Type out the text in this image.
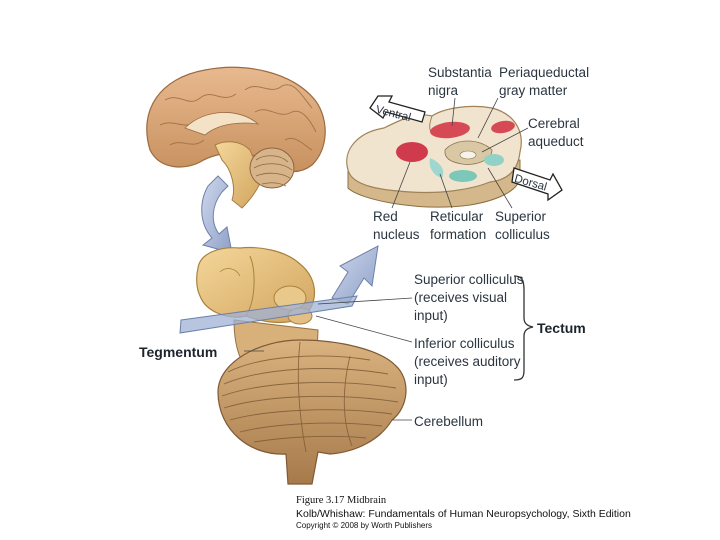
Substantia
nigra
Periaqueductal
gray matter
Cerebral
aqueduct
Ventral
Dorsal
Red
nucleus
Reticular
formation
Superior
colliculus
Superior colliculus
(receives visual
input)
Inferior colliculus
(receives auditory
input)
Tectum
Tegmentum
Cerebellum
Figure 3.17 Midbrain
Kolb/Whishaw: Fundamentals of Human Neuropsychology, Sixth Edition
Copyright © 2008 by Worth Publishers
